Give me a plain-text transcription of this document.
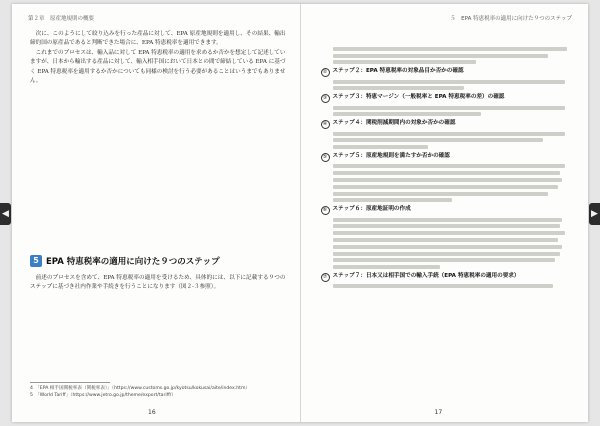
◀	▶
第２章　原産地規則の概要

次に、このようにして絞り込みを行った産品に対して、EPA 原産地規則を適用し、その結果、輸出締約国の原産品であると判断できた場合に、EPA 特恵税率を適用できます。

これまでのプロセスは、輸入品に対して EPA 特恵税率の適用を求めるか否かを想定して記述していますが、日本から輸出する産品に対して、輸入相手国において日本との間で締結している EPA に基づく EPA 特恵税率を適用するか否かについても同様の検討を行う必要があることはいうまでもありません。

5 EPA 特恵税率の適用に向けた９つのステップ

前述のプロセスを含めて、EPA 特恵税率の適用を受けるため、具体的には、以下に記載する９つのステップに基づき社内作業や手続きを行うことになります（図２-３参照）。

4　「EPA 相手国関税率表（関税率表）」（https://www.customs.go.jp/kyotsu/kokusai/aite/index.htm）
5　「World Tariff」（https://www.jetro.go.jp/theme/export/tariff/）
16
５　EPA 特恵税率の適用に向けた９つのステップ
② ステップ２：EPA 特恵税率の対象品目か否かの確認
③ ステップ３：特恵マージン（一般税率と EPA 特恵税率の差）の確認
④ ステップ４：関税削減期間内の対象か否かの確認
⑤ ステップ５：原産地規則を満たすか否かの確認
⑥ ステップ６：原産地証明の作成
⑦ ステップ７：日本又は相手国での輸入手続（EPA 特恵税率の適用の要求）
17
